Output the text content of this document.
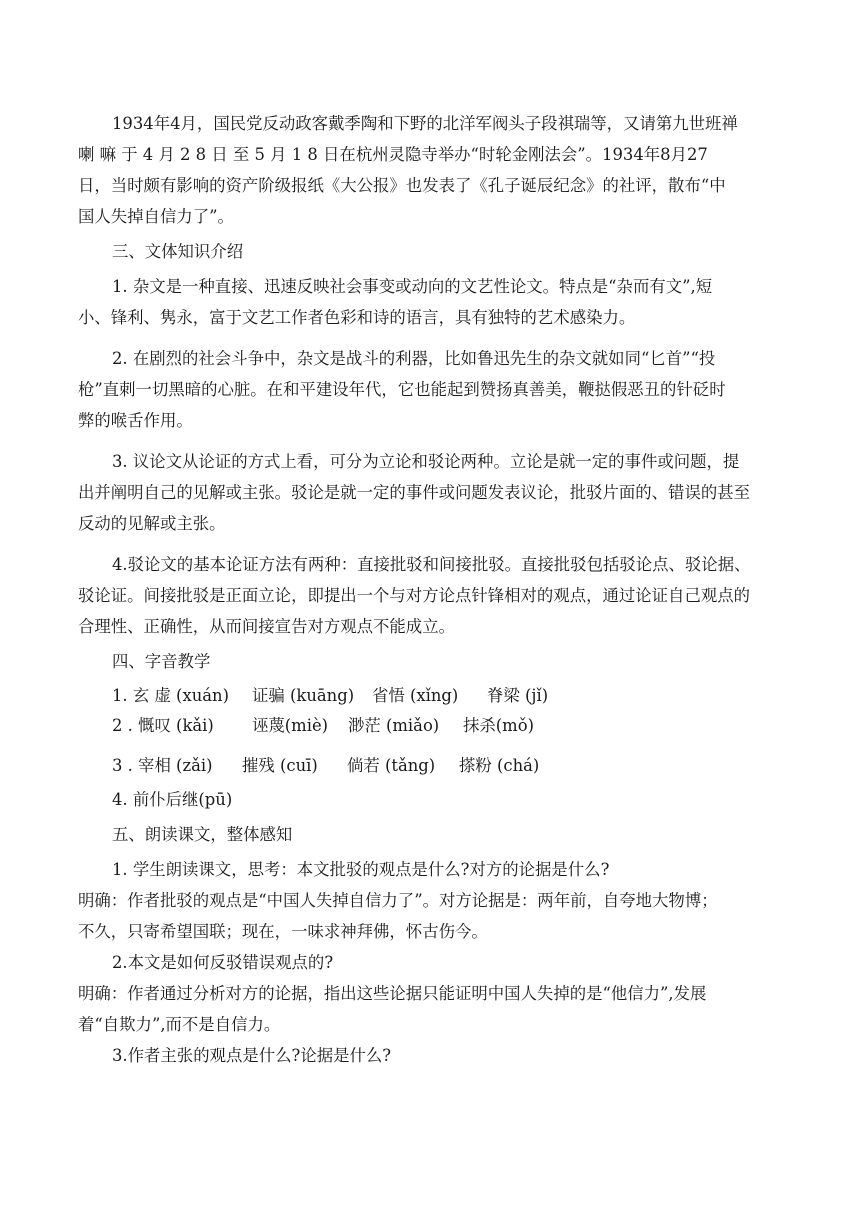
1934年4月，国民党反动政客戴季陶和下野的北洋军阀头子段祺瑞等，又请第九世班禅

喇 嘛 于 4 月 2 8 日 至 5 月 1 8 日在杭州灵隐寺举办“时轮金刚法会”。1934年8月27

日，当时颇有影响的资产阶级报纸《大公报》也发表了《孔子诞辰纪念》的社评，散布“中

国人失掉自信力了”。

三、文体知识介绍

1. 杂文是一种直接、迅速反映社会事变或动向的文艺性论文。特点是“杂而有文”,短

小、锋利、隽永，富于文艺工作者色彩和诗的语言，具有独特的艺术感染力。

2. 在剧烈的社会斗争中，杂文是战斗的利器，比如鲁迅先生的杂文就如同“匕首”“投

枪”直刺一切黑暗的心脏。在和平建设年代，它也能起到赞扬真善美，鞭挞假恶丑的针砭时

弊的喉舌作用。

3. 议论文从论证的方式上看，可分为立论和驳论两种。立论是就一定的事件或问题，提

出并阐明自己的见解或主张。驳论是就一定的事件或问题发表议论，批驳片面的、错误的甚至

反动的见解或主张。

4.驳论文的基本论证方法有两种：直接批驳和间接批驳。直接批驳包括驳论点、驳论据、

驳论证。间接批驳是正面立论，即提出一个与对方论点针锋相对的观点，通过论证自己观点的

合理性、正确性，从而间接宣告对方观点不能成立。

四、字音教学

1. 玄 虚 (xuán) 证骗 (kuāng) 省悟 (xǐng) 脊梁 (jǐ)
2 . 慨叹 (kǎi) 诬蔑(miè) 渺茫 (miǎo) 抹杀(mǒ)
3 . 宰相 (zǎi) 摧残 (cuī) 倘若 (tǎng) 搽粉 (chá)
4. 前仆后继(pū)

五、朗读课文，整体感知

1. 学生朗读课文，思考：本文批驳的观点是什么?对方的论据是什么?

明确：作者批驳的观点是“中国人失掉自信力了”。对方论据是：两年前，自夸地大物博；

不久，只寄希望国联；现在，一味求神拜佛，怀古伤今。

2.本文是如何反驳错误观点的?

明确：作者通过分析对方的论据，指出这些论据只能证明中国人失掉的是“他信力”,发展

着“自欺力”,而不是自信力。

3.作者主张的观点是什么?论据是什么?
